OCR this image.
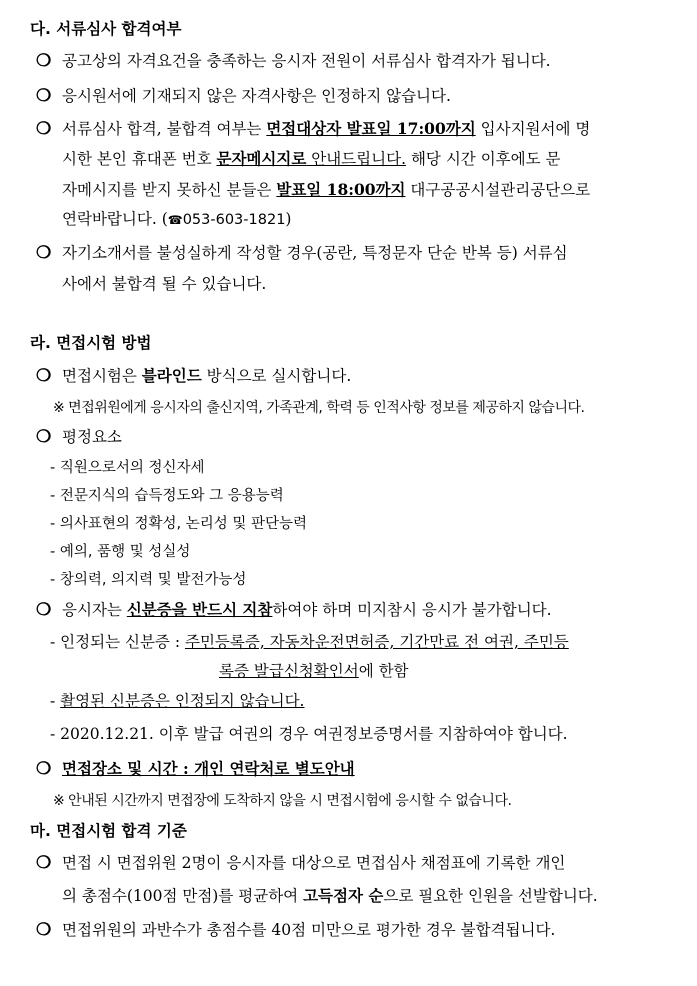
다. 서류심사 합격여부
❍ 공고상의 자격요건을 충족하는 응시자 전원이 서류심사 합격자가 됩니다.
❍ 응시원서에 기재되지 않은 자격사항은 인정하지 않습니다.
❍ 서류심사 합격, 불합격 여부는 면접대상자 발표일 17:00까지 입사지원서에 명
시한 본인 휴대폰 번호 문자메시지로 안내드립니다. 해당 시간 이후에도 문
자메시지를 받지 못하신 분들은 발표일 18:00까지 대구공공시설관리공단으로
연락바랍니다. (☎053-603-1821)
❍ 자기소개서를 불성실하게 작성할 경우(공란, 특정문자 단순 반복 등) 서류심
사에서 불합격 될 수 있습니다.
라. 면접시험 방법
❍ 면접시험은 블라인드 방식으로 실시합니다.
※ 면접위원에게 응시자의 출신지역, 가족관계, 학력 등 인적사항 정보를 제공하지 않습니다.
❍ 평정요소
- 직원으로서의 정신자세
- 전문지식의 습득정도와 그 응용능력
- 의사표현의 정확성, 논리성 및 판단능력
- 예의, 품행 및 성실성
- 창의력, 의지력 및 발전가능성
❍ 응시자는 신분증을 반드시 지참하여야 하며 미지참시 응시가 불가합니다.
- 인정되는 신분증 : 주민등록증, 자동차운전면허증, 기간만료 전 여권, 주민등
록증 발급신청확인서에 한함
- 촬영된 신분증은 인정되지 않습니다.
- 2020.12.21. 이후 발급 여권의 경우 여권정보증명서를 지참하여야 합니다.
❍ 면접장소 및 시간 : 개인 연락처로 별도안내
※ 안내된 시간까지 면접장에 도착하지 않을 시 면접시험에 응시할 수 없습니다.
마. 면접시험 합격 기준
❍ 면접 시 면접위원 2명이 응시자를 대상으로 면접심사 채점표에 기록한 개인
의 총점수(100점 만점)를 평균하여 고득점자 순으로 필요한 인원을 선발합니다.
❍ 면접위원의 과반수가 총점수를 40점 미만으로 평가한 경우 불합격됩니다.
